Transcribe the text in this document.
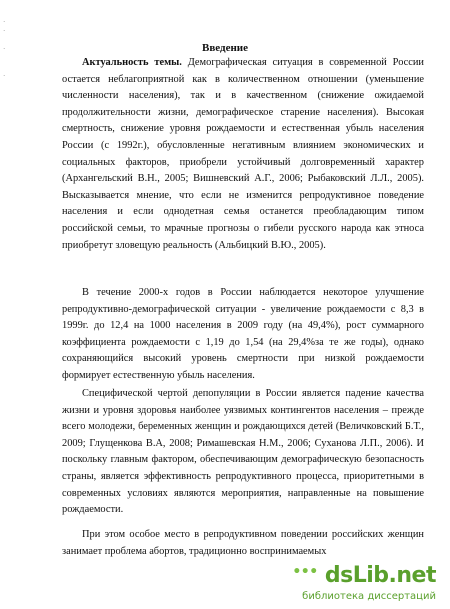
·
·

·

·
Введение

Актуальность темы. Демографическая ситуация в современной России остается неблагоприятной как в количественном отношении (уменьшение численности населения), так и в качественном (снижение ожидаемой продолжительности жизни, демографическое старение населения). Высокая смертность, снижение уровня рождаемости и естественная убыль населения России (с 1992г.), обусловленные негативным влиянием экономических и социальных факторов, приобрели устойчивый долговременный характер (Архангельский В.Н., 2005; Вишневский А.Г., 2006; Рыбаковский Л.Л., 2005). Высказывается мнение, что если не изменится репродуктивное поведение населения и если однодетная семья останется преобладающим типом российской семьи, то мрачные прогнозы о гибели русского народа как этноса приобретут зловещую реальность (Альбицкий В.Ю., 2005).

В течение 2000-х годов в России наблюдается некоторое улучшение репродуктивно-демографической ситуации - увеличение рождаемости с 8,3 в 1999г. до 12,4 на 1000 населения в 2009 году (на 49,4%), рост суммарного коэффициента рождаемости с 1,19 до 1,54 (на 29,4%за те же годы), однако сохраняющийся высокий уровень смертности при низкой рождаемости формирует естественную убыль населения.

Специфической чертой депопуляции в России является падение качества жизни и уровня здоровья наиболее уязвимых контингентов населения – прежде всего молодежи, беременных женщин и рождающихся детей (Величковский Б.Т., 2009; Глущенкова В.А, 2008; Римашевская Н.М., 2006; Суханова Л.П., 2006). И поскольку главным фактором, обеспечивающим демографическую безопасность страны, является эффективность репродуктивного процесса, приоритетными в современных условиях являются мероприятия, направленные на повышение рождаемости.

При этом особое место в репродуктивном поведении российских женщин занимает проблема абортов, традиционно воспринимаемых

••• dsLib.net
библиотека диссертаций
